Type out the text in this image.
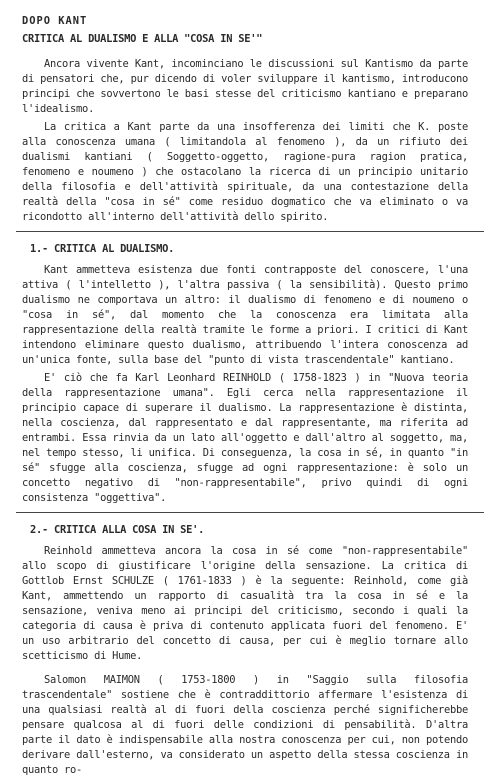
DOPO KANT
CRITICA AL DUALISMO E ALLA "COSA IN SE'"

Ancora vivente Kant, incominciano le discussioni sul Kantismo da parte di pensatori che, pur dicendo di voler sviluppare il kantismo, introducono principi che sovvertono le basi stesse del criticismo kantiano e preparano l'idealismo.

La critica a Kant parte da una insofferenza dei limiti che K. poste alla conoscenza umana ( limitandola al fenomeno ), da un rifiuto dei dualismi kantiani ( Soggetto-oggetto, ragione-pura ragion pratica, fenomeno e noumeno ) che ostacolano la ricerca di un principio unitario della filosofia e dell'attività spirituale, da una contestazione della realtà della "cosa in sé" come residuo dogmatico che va eliminato o va ricondotto all'interno dell'attività dello spirito.

1.- CRITICA AL DUALISMO.

Kant ammetteva esistenza due fonti contrapposte del conoscere, l'una attiva ( l'intelletto ), l'altra passiva ( la sensibilità). Questo primo dualismo ne comportava un altro: il dualismo di fenomeno e di noumeno o "cosa in sé", dal momento che la conoscenza era limitata alla rappresentazione della realtà tramite le forme a priori. I critici di Kant intendono eliminare questo dualismo, attribuendo l'intera conoscenza ad un'unica fonte, sulla base del "punto di vista trascendentale" kantiano.

E' ciò che fa Karl Leonhard REINHOLD ( 1758-1823 ) in "Nuova teoria della rappresentazione umana". Egli cerca nella rappresentazione il principio capace di superare il dualismo. La rappresentazione è distinta, nella coscienza, dal rappresentato e dal rappresentante, ma riferita ad entrambi. Essa rinvia da un lato all'oggetto e dall'altro al soggetto, ma, nel tempo stesso, li unifica. Di conseguenza, la cosa in sé, in quanto "in sé" sfugge alla coscienza, sfugge ad ogni rappresentazione: è solo un concetto negativo di "non-rappresentabile", privo quindi di ogni consistenza "oggettiva".

2.- CRITICA ALLA COSA IN SE'.

Reinhold ammetteva ancora la cosa in sé come "non-rappresentabile" allo scopo di giustificare l'origine della sensazione. La critica di Gottlob Ernst SCHULZE ( 1761-1833 ) è la seguente: Reinhold, come già Kant, ammettendo un rapporto di casualità tra la cosa in sé e la sensazione, veniva meno ai principi del criticismo, secondo i quali la categoria di causa è priva di contenuto applicata fuori del fenomeno. E' un uso arbitrario del concetto di causa, per cui è meglio tornare allo scetticismo di Hume.

Salomon MAIMON ( 1753-1800 ) in "Saggio sulla filosofia trascendentale" sostiene che è contraddittorio affermare l'esistenza di una qualsiasi realtà al di fuori della coscienza perché significherebbe pensare qualcosa al di fuori delle condizioni di pensabilità. D'altra parte il dato è indispensabile alla nostra conoscenza per cui, non potendo derivare dall'esterno, va considerato un aspetto della stessa coscienza in quanto ro-
